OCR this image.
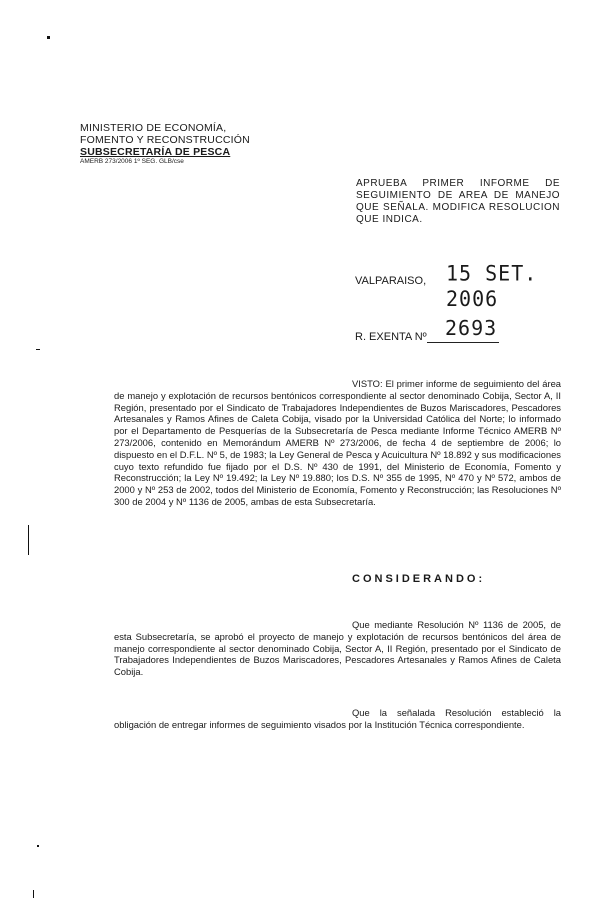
MINISTERIO DE ECONOMÍA,
FOMENTO Y RECONSTRUCCIÓN
SUBSECRETARÍA DE PESCA
AMERB 273/2006 1º SEG. GLB/cse
APRUEBA PRIMER INFORME DE
SEGUIMIENTO DE AREA DE MANEJO
QUE SEÑALA. MODIFICA RESOLUCION
QUE INDICA.
VALPARAISO, 15 SET. 2006
R. EXENTA Nº 2693
VISTO: El primer informe de seguimiento del área de manejo y explotación de recursos bentónicos correspondiente al sector denominado Cobija, Sector A, II Región, presentado por el Sindicato de Trabajadores Independientes de Buzos Mariscadores, Pescadores Artesanales y Ramos Afines de Caleta Cobija, visado por la Universidad Católica del Norte; lo informado por el Departamento de Pesquerías de la Subsecretaría de Pesca mediante Informe Técnico AMERB Nº 273/2006, contenido en Memorándum AMERB Nº 273/2006, de fecha 4 de septiembre de 2006; lo dispuesto en el D.F.L. Nº 5, de 1983; la Ley General de Pesca y Acuicultura Nº 18.892 y sus modificaciones cuyo texto refundido fue fijado por el D.S. Nº 430 de 1991, del Ministerio de Economía, Fomento y Reconstrucción; la Ley Nº 19.492; la Ley Nº 19.880; los D.S. Nº 355 de 1995, Nº 470 y Nº 572, ambos de 2000 y Nº 253 de 2002, todos del Ministerio de Economía, Fomento y Reconstrucción; las Resoluciones Nº 300 de 2004 y Nº 1136 de 2005, ambas de esta Subsecretaría.
CONSIDERANDO:
Que mediante Resolución Nº 1136 de 2005, de esta Subsecretaría, se aprobó el proyecto de manejo y explotación de recursos bentónicos del área de manejo correspondiente al sector denominado Cobija, Sector A, II Región, presentado por el Sindicato de Trabajadores Independientes de Buzos Mariscadores, Pescadores Artesanales y Ramos Afines de Caleta Cobija.
Que la señalada Resolución estableció la obligación de entregar informes de seguimiento visados por la Institución Técnica correspondiente.
